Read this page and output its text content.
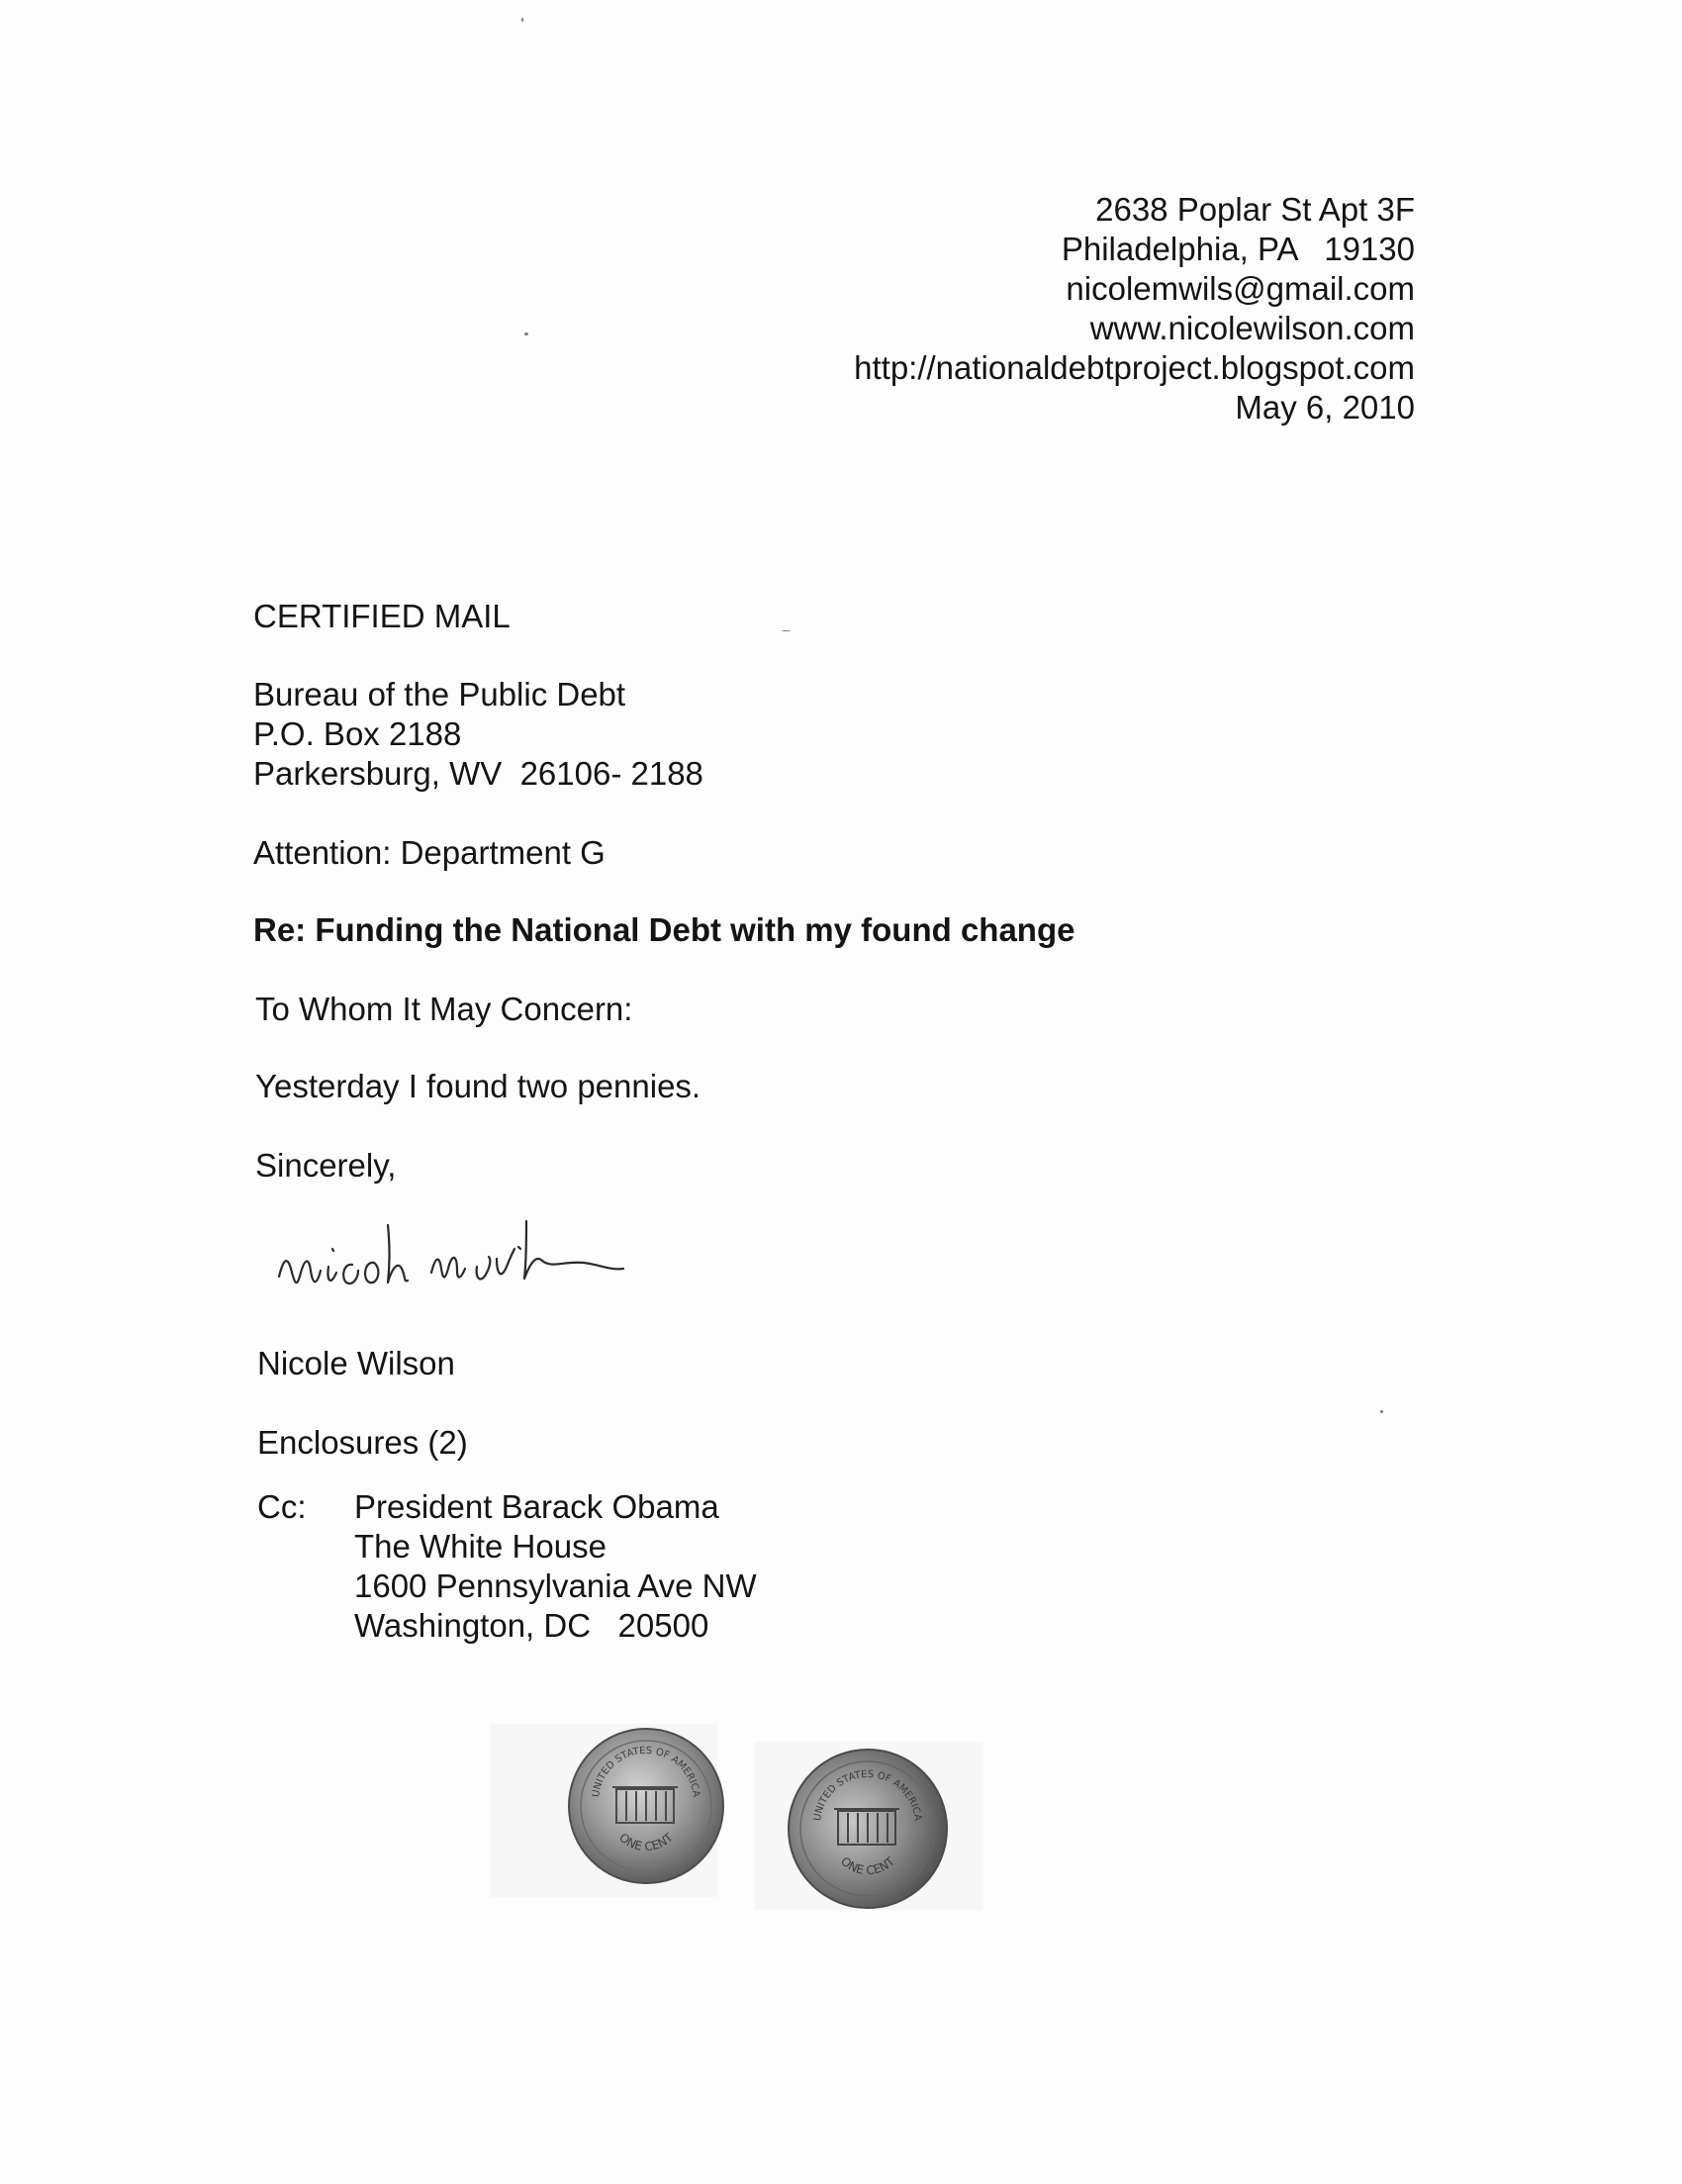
2638 Poplar St Apt 3F
Philadelphia, PA   19130
nicolemwils@gmail.com
www.nicolewilson.com
http://nationaldebtproject.blogspot.com
May 6, 2010
CERTIFIED MAIL
Bureau of the Public Debt
P.O. Box 2188
Parkersburg, WV  26106- 2188
Attention: Department G
Re: Funding the National Debt with my found change
To Whom It May Concern:
Yesterday I found two pennies.
Sincerely,
Nicole Wilson
Enclosures (2)
Cc: President Barack Obama
The White House
1600 Pennsylvania Ave NW
Washington, DC   20500
UNITED STATES OF AMERICA
ONE CENT
UNITED STATES OF AMERICA
ONE CENT
